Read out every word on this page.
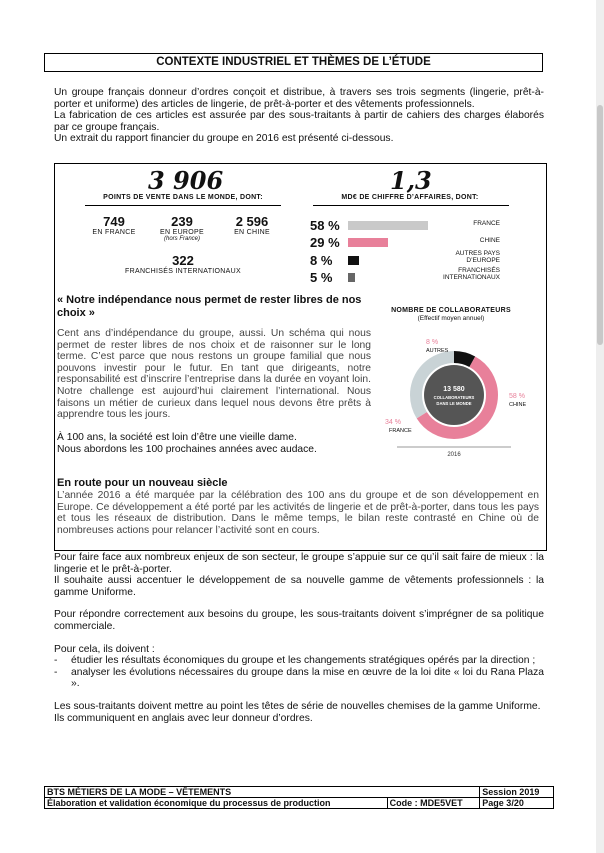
CONTEXTE INDUSTRIEL ET THÈMES DE L’ÉTUDE
Un groupe français donneur d’ordres conçoit et distribue, à travers ses trois segments (lingerie, prêt-à-porter et uniforme) des articles de lingerie, de prêt-à-porter et des vêtements professionnels.
La fabrication de ces articles est assurée par des sous-traitants à partir de cahiers des charges élaborés par ce groupe français.
Un extrait du rapport financier du groupe en 2016 est présenté ci-dessous.
3 906
POINTS DE VENTE DANS LE MONDE, DONT:
749
EN FRANCE
239
EN EUROPE
(hors France)
2 596
EN CHINE
322
FRANCHISÉS INTERNATIONAUX
1,3
MD€ DE CHIFFRE D’AFFAIRES, DONT:
58 %	FRANCE
29 %	CHINE
8 %	AUTRES PAYS D’EUROPE
5 %	FRANCHISÉS INTERNATIONAUX
« Notre indépendance nous permet de rester libres de nos choix »
Cent ans d’indépendance du groupe, aussi. Un schéma qui nous permet de rester libres de nos choix et de raisonner sur le long terme. C’est parce que nous restons un groupe familial que nous pouvons investir pour le futur. En tant que dirigeants, notre responsabilité est d’inscrire l’entreprise dans la durée en voyant loin. Notre challenge est aujourd’hui clairement l’international. Nous faisons un métier de curieux dans lequel nous devons être prêts à apprendre tous les jours.
À 100 ans, la société est loin d’être une vieille dame.
Nous abordons les 100 prochaines années avec audace.
NOMBRE DE COLLABORATEURS
(Effectif moyen annuel)
13 580
COLLABORATEURS
DANS LE MONDE
8 %
AUTRES
58 %
CHINE
34 %
FRANCE
2016
En route pour un nouveau siècle
L’année 2016 a été marquée par la célébration des 100 ans du groupe et de son développement en Europe. Ce développement a été porté par les activités de lingerie et de prêt-à-porter, dans tous les pays et tous les réseaux de distribution. Dans le même temps, le bilan reste contrasté en Chine où de nombreuses actions pour relancer l’activité sont en cours.
Pour faire face aux nombreux enjeux de son secteur, le groupe s’appuie sur ce qu’il sait faire de mieux : la lingerie et le prêt-à-porter.
Il souhaite aussi accentuer le développement de sa nouvelle gamme de vêtements professionnels : la gamme Uniforme.
Pour répondre correctement aux besoins du groupe, les sous-traitants doivent s’imprégner de sa politique commerciale.
Pour cela, ils doivent :
- étudier les résultats économiques du groupe et les changements stratégiques opérés par la direction ;
- analyser les évolutions nécessaires du groupe dans la mise en œuvre de la loi dite « loi du Rana Plaza ».
Les sous-traitants doivent mettre au point les têtes de série de nouvelles chemises de la gamme Uniforme.
Ils communiquent en anglais avec leur donneur d’ordres.
BTS MÉTIERS DE LA MODE – VÊTEMENTS		Session 2019
Élaboration et validation économique du processus de production	Code : MDE5VET	Page 3/20
